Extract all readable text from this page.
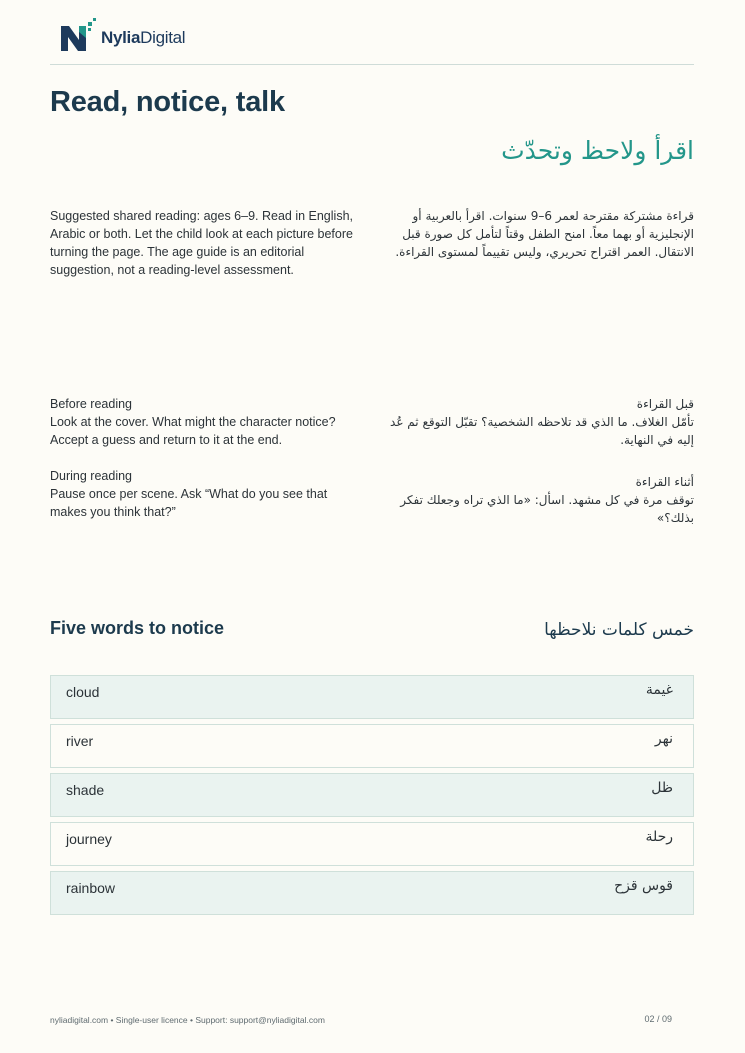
NyliaDigital
Read, notice, talk
اقرأ ولاحظ وتحدّث

Suggested shared reading: ages 6–9. Read in English, Arabic or both. Let the child look at each picture before turning the page. The age guide is an editorial suggestion, not a reading-level assessment.

قراءة مشتركة مقترحة لعمر 6–9 سنوات. اقرأ بالعربية أو الإنجليزية أو بهما معاً. امنح الطفل وقتاً لتأمل كل صورة قبل الانتقال. العمر اقتراح تحريري، وليس تقييماً لمستوى القراءة.

Before reading
Look at the cover. What might the character notice? Accept a guess and return to it at the end.

قبل القراءة
تأمّل الغلاف. ما الذي قد تلاحظه الشخصية؟ تقبّل التوقع ثم عُد إليه في النهاية.

During reading
Pause once per scene. Ask “What do you see that makes you think that?”

أثناء القراءة
توقف مرة في كل مشهد. اسأل: «ما الذي تراه وجعلك تفكر بذلك؟»

Five words to notice	خمس كلمات نلاحظها
cloud	غيمة
river	نهر
shade	ظل
journey	رحلة
rainbow	قوس قزح
nyliadigital.com • Single-user licence • Support: support@nyliadigital.com	02 / 09
